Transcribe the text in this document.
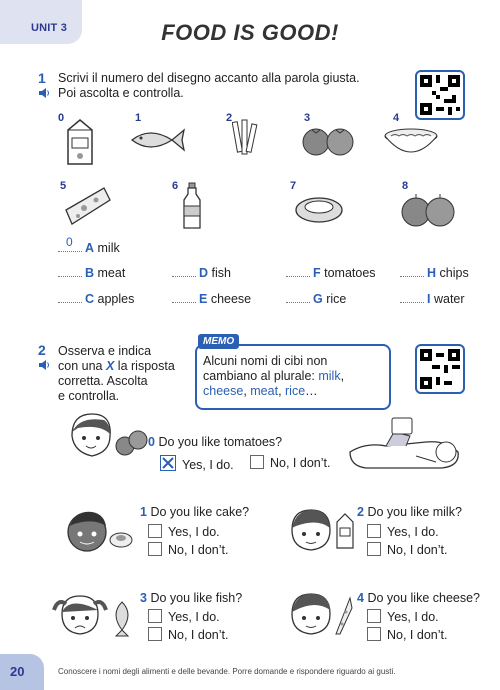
UNIT 3	FOOD IS GOOD!
1 Scrivi il numero del disegno accanto alla parola giusta.
Poi ascolta e controlla.
0	1	2	3	4
5	6	7	8
0 A milk
B meat
C apples
D fish
E cheese
F tomatoes
G rice
H chips
I water
2 Osserva e indica
con una X la risposta
corretta. Ascolta
e controlla.
MEMO
Alcuni nomi di cibi non cambiano al plurale: milk, cheese, meat, rice…
0 Do you like tomatoes?
Yes, I do.	No, I don’t.
1 Do you like cake?
Yes, I do.
No, I don’t.
2 Do you like milk?
Yes, I do.
No, I don’t.
3 Do you like fish?
Yes, I do.
No, I don’t.
4 Do you like cheese?
Yes, I do.
No, I don’t.
20	Conoscere i nomi degli alimenti e delle bevande. Porre domande e rispondere riguardo ai gusti.
